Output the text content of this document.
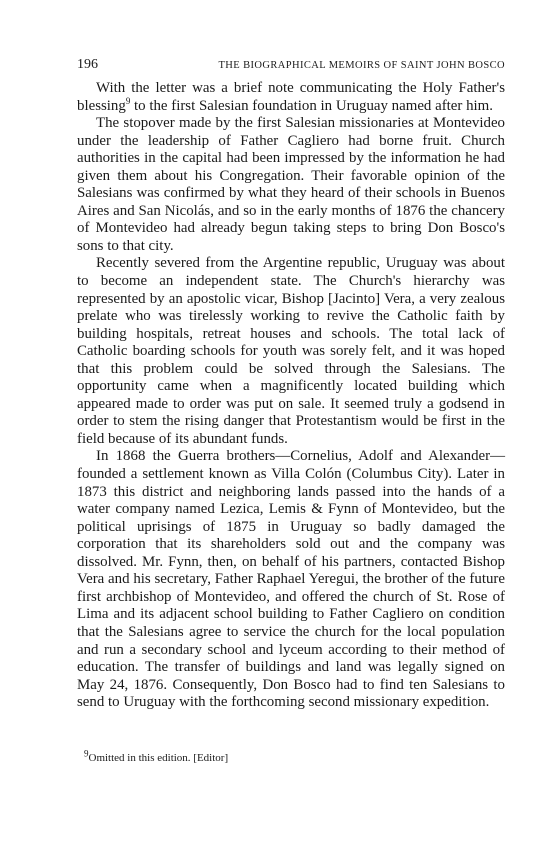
196	THE BIOGRAPHICAL MEMOIRS OF SAINT JOHN BOSCO

With the letter was a brief note communicating the Holy Father's blessing$^9$ to the first Salesian foundation in Uruguay named after him.

The stopover made by the first Salesian missionaries at Montevideo under the leadership of Father Cagliero had borne fruit. Church authorities in the capital had been impressed by the information he had given them about his Congregation. Their favorable opinion of the Salesians was confirmed by what they heard of their schools in Buenos Aires and San Nicolás, and so in the early months of 1876 the chancery of Montevideo had already begun taking steps to bring Don Bosco's sons to that city.

Recently severed from the Argentine republic, Uruguay was about to become an independent state. The Church's hierarchy was represented by an apostolic vicar, Bishop [Jacinto] Vera, a very zealous prelate who was tirelessly working to revive the Catholic faith by building hospitals, retreat houses and schools. The total lack of Catholic boarding schools for youth was sorely felt, and it was hoped that this problem could be solved through the Salesians. The opportunity came when a magnificently located building which appeared made to order was put on sale. It seemed truly a godsend in order to stem the rising danger that Protestantism would be first in the field because of its abundant funds.

In 1868 the Guerra brothers—Cornelius, Adolf and Alexander—founded a settlement known as Villa Colón (Columbus City). Later in 1873 this district and neighboring lands passed into the hands of a water company named Lezica, Lemis & Fynn of Montevideo, but the political uprisings of 1875 in Uruguay so badly damaged the corporation that its shareholders sold out and the company was dissolved. Mr. Fynn, then, on behalf of his partners, contacted Bishop Vera and his secretary, Father Raphael Yeregui, the brother of the future first archbishop of Montevideo, and offered the church of St. Rose of Lima and its adjacent school building to Father Cagliero on condition that the Salesians agree to service the church for the local population and run a secondary school and lyceum according to their method of education. The transfer of buildings and land was legally signed on May 24, 1876. Consequently, Don Bosco had to find ten Salesians to send to Uruguay with the forthcoming second missionary expedition.

$^9$Omitted in this edition. [Editor]
